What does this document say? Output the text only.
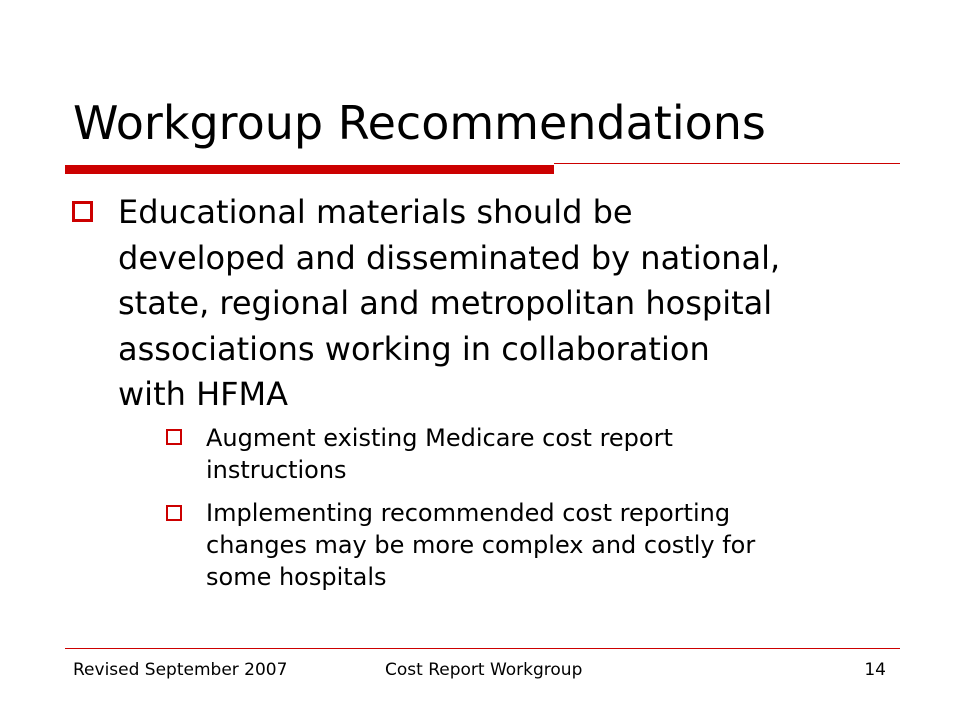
Workgroup Recommendations
Educational materials should be
developed and disseminated by national,
state, regional and metropolitan hospital
associations working in collaboration
with HFMA
Augment existing Medicare cost report
instructions
Implementing recommended cost reporting
changes may be more complex and costly for
some hospitals
Revised September 2007	Cost Report Workgroup	14
